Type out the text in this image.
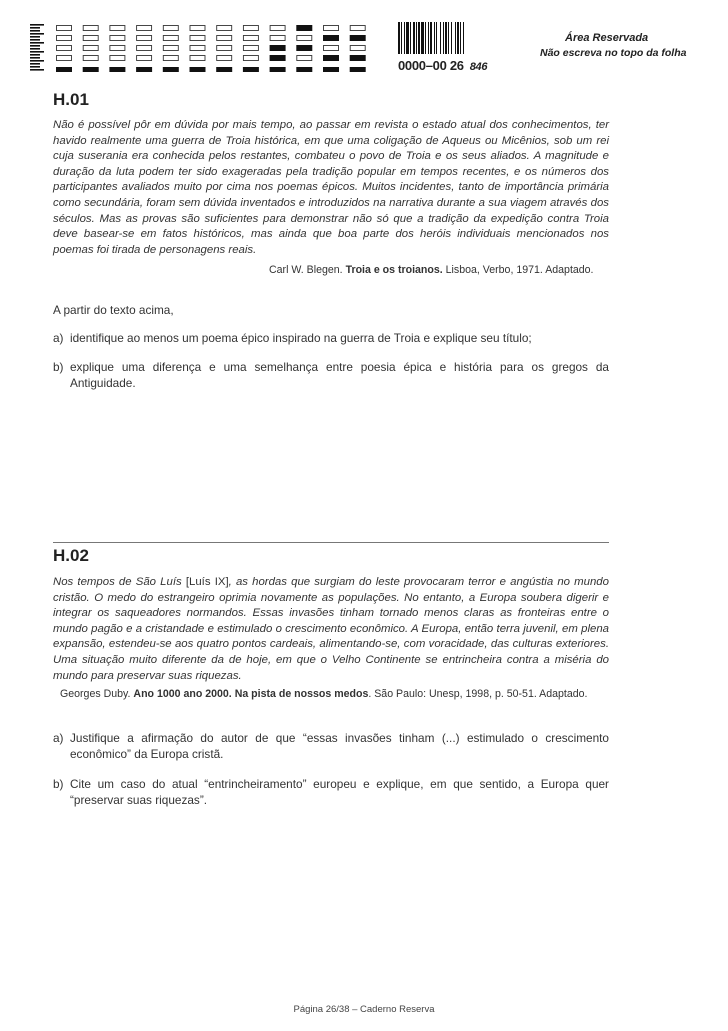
0000–00 26 846
Área Reservada
Não escreva no topo da folha
H.01

Não é possível pôr em dúvida por mais tempo, ao passar em revista o estado atual dos conhecimentos, ter havido realmente uma guerra de Troia histórica, em que uma coligação de Aqueus ou Micênios, sob um rei cuja suserania era conhecida pelos restantes, combateu o povo de Troia e os seus aliados. A magnitude e duração da luta podem ter sido exageradas pela tradição popular em tempos recentes, e os números dos participantes avaliados muito por cima nos poemas épicos. Muitos incidentes, tanto de importância primária como secundária, foram sem dúvida inventados e introduzidos na narrativa durante a sua viagem através dos séculos. Mas as provas são suficientes para demonstrar não só que a tradição da expedição contra Troia deve basear-se em fatos históricos, mas ainda que boa parte dos heróis individuais mencionados nos poemas foi tirada de personagens reais.

Carl W. Blegen. Troia e os troianos. Lisboa, Verbo, 1971. Adaptado.

A partir do texto acima,

a) identifique ao menos um poema épico inspirado na guerra de Troia e explique seu título;
b) explique uma diferença e uma semelhança entre poesia épica e história para os gregos da Antiguidade.
H.02

Nos tempos de São Luís [Luís IX], as hordas que surgiam do leste provocaram terror e angústia no mundo cristão. O medo do estrangeiro oprimia novamente as populações. No entanto, a Europa soubera digerir e integrar os saqueadores normandos. Essas invasões tinham tornado menos claras as fronteiras entre o mundo pagão e a cristandade e estimulado o crescimento econômico. A Europa, então terra juvenil, em plena expansão, estendeu-se aos quatro pontos cardeais, alimentando-se, com voracidade, das culturas exteriores. Uma situação muito diferente da de hoje, em que o Velho Continente se entrincheira contra a miséria do mundo para preservar suas riquezas.

Georges Duby. Ano 1000 ano 2000. Na pista de nossos medos. São Paulo: Unesp, 1998, p. 50-51. Adaptado.
a) Justifique a afirmação do autor de que “essas invasões tinham (...) estimulado o crescimento econômico” da Europa cristã.
b) Cite um caso do atual “entrincheiramento” europeu e explique, em que sentido, a Europa quer “preservar suas riquezas”.
Página 26/38 – Caderno Reserva
